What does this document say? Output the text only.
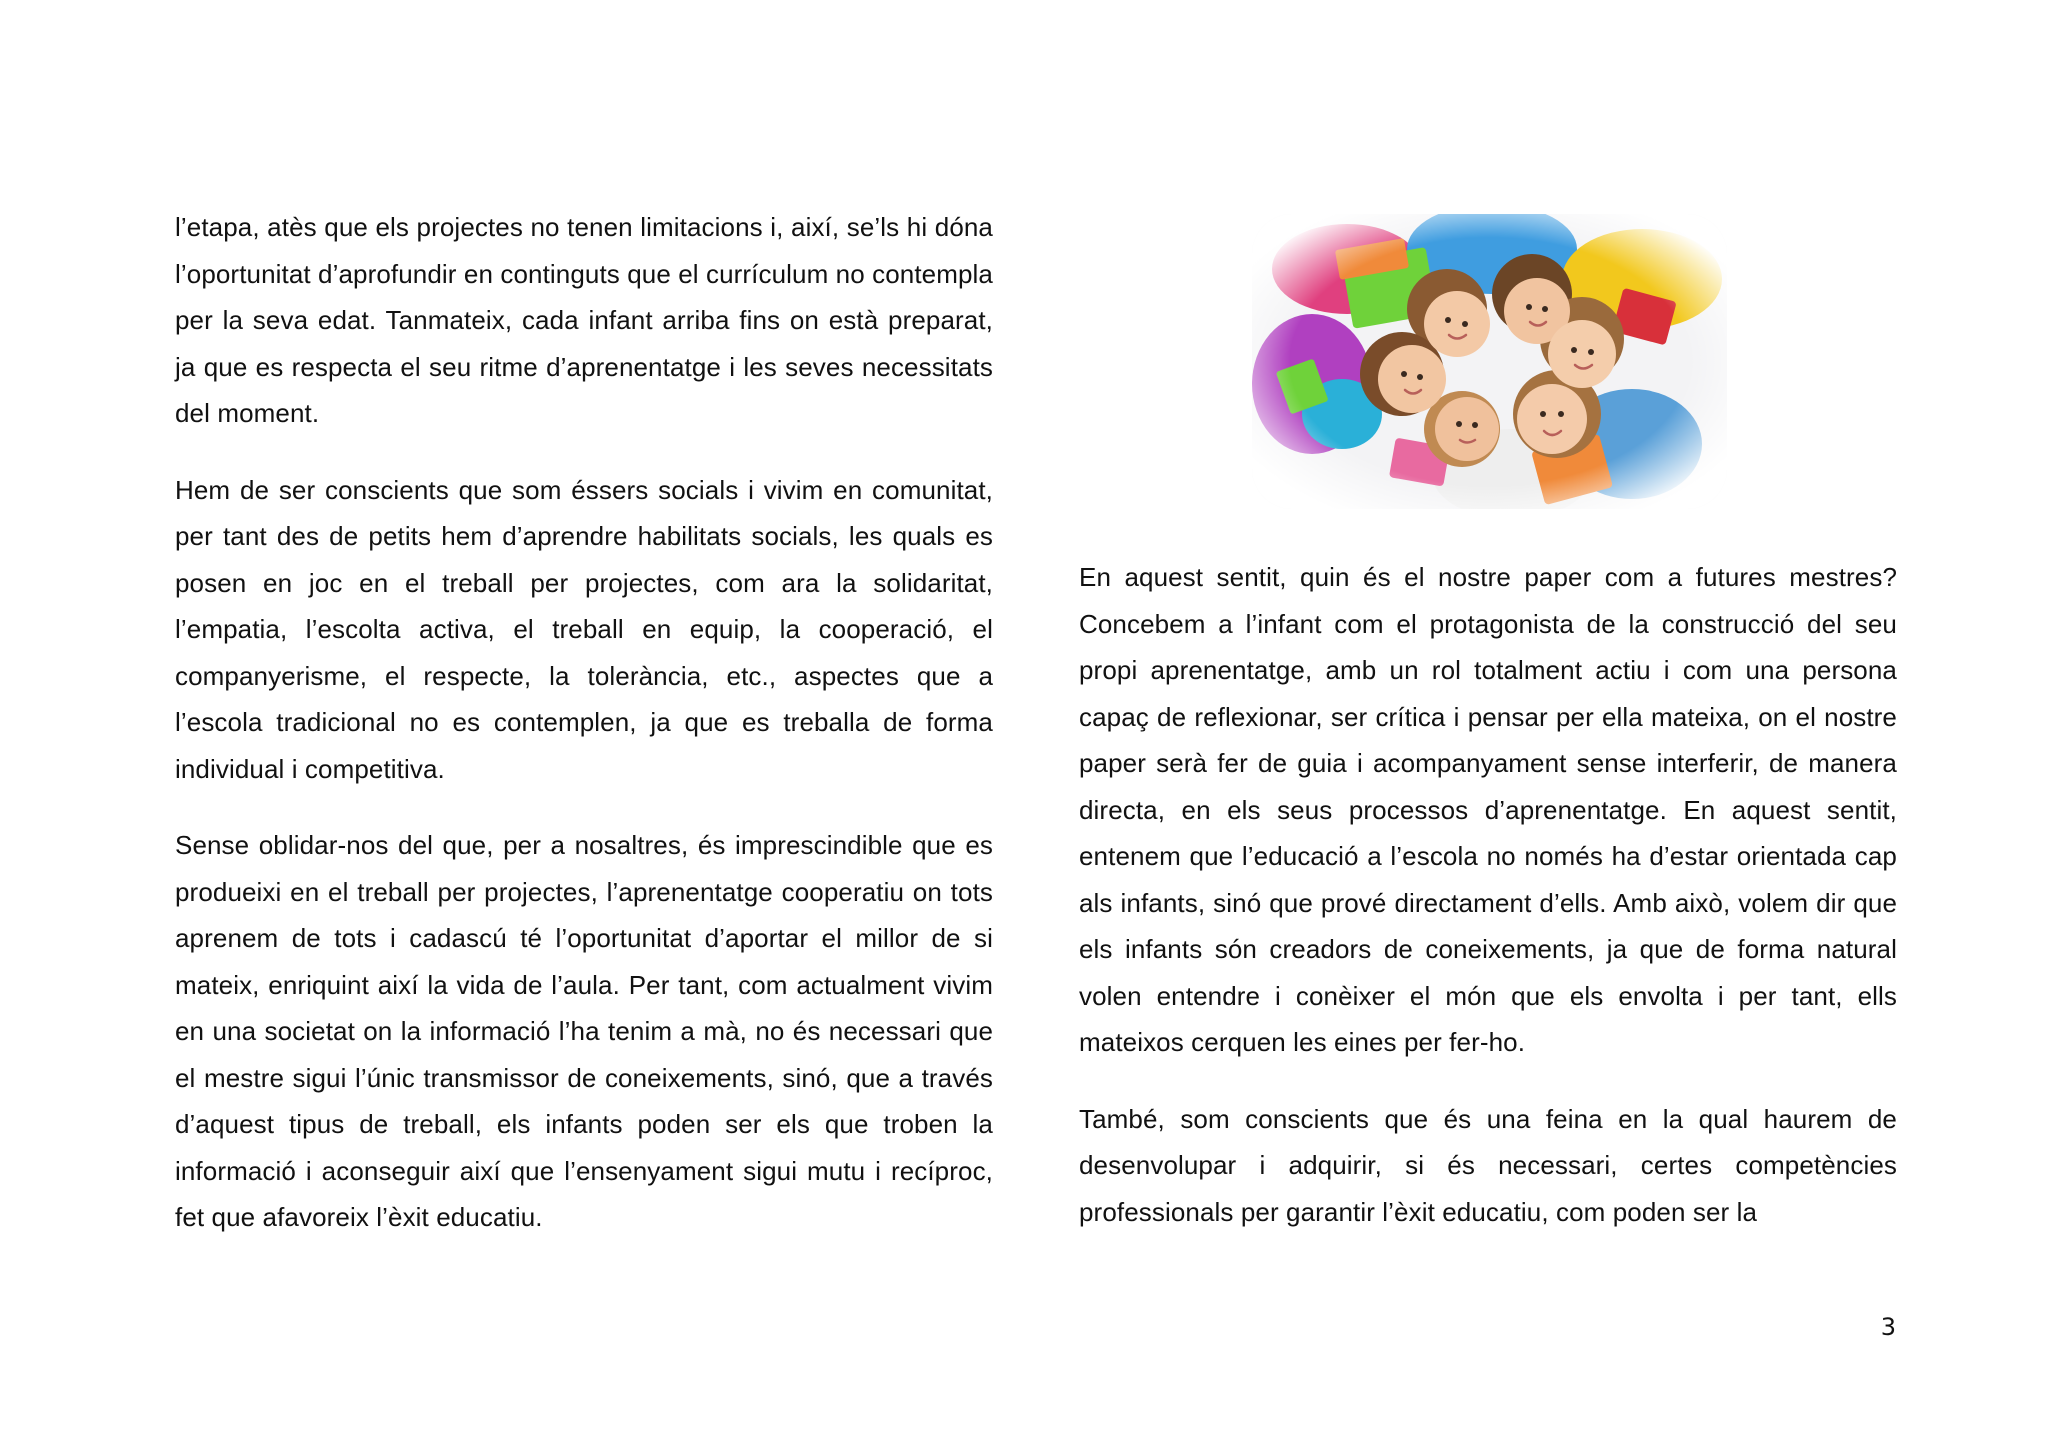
l’etapa, atès que els projectes no tenen limitacions i, així, se’ls hi dóna l’oportunitat d’aprofundir en continguts que el currículum no contempla per la seva edat. Tanmateix, cada infant arriba fins on està preparat, ja que es respecta el seu ritme d’aprenentatge i les seves necessitats del moment.

Hem de ser conscients que som éssers socials i vivim en comunitat, per tant des de petits hem d’aprendre habilitats socials, les quals es posen en joc en el treball per projectes, com ara la solidaritat, l’empatia, l’escolta activa, el treball en equip, la cooperació, el companyerisme, el respecte, la tolerància, etc., aspectes que a l’escola tradicional no es contemplen, ja que es treballa de forma individual i competitiva.

Sense oblidar-nos del que, per a nosaltres, és imprescindible que es produeixi en el treball per projectes, l’aprenentatge cooperatiu on tots aprenem de tots i cadascú té l’oportunitat d’aportar el millor de si mateix, enriquint així la vida de l’aula. Per tant, com actualment vivim en una societat on la informació l’ha tenim a mà, no és necessari que el mestre sigui l’únic transmissor de coneixements, sinó, que a través d’aquest tipus de treball, els infants poden ser els que troben la informació i aconseguir així que l’ensenyament sigui mutu i recíproc, fet que afavoreix l’èxit educatiu.

En aquest sentit, quin és el nostre paper com a futures mestres? Concebem a l’infant com el protagonista de la construcció del seu propi aprenentatge, amb un rol totalment actiu i com una persona capaç de reflexionar, ser crítica i pensar per ella mateixa, on el nostre paper serà fer de guia i acompanyament sense interferir, de manera directa, en els seus processos d’aprenentatge. En aquest sentit, entenem que l’educació a l’escola no només ha d’estar orientada cap als infants, sinó que prové directament d’ells. Amb això, volem dir que els infants són creadors de coneixements, ja que de forma natural volen entendre i conèixer el món que els envolta i per tant, ells mateixos cerquen les eines per fer-ho.

També, som conscients que és una feina en la qual haurem de desenvolupar i adquirir, si és necessari, certes competències professionals per garantir l’èxit educatiu, com poden ser la

3
